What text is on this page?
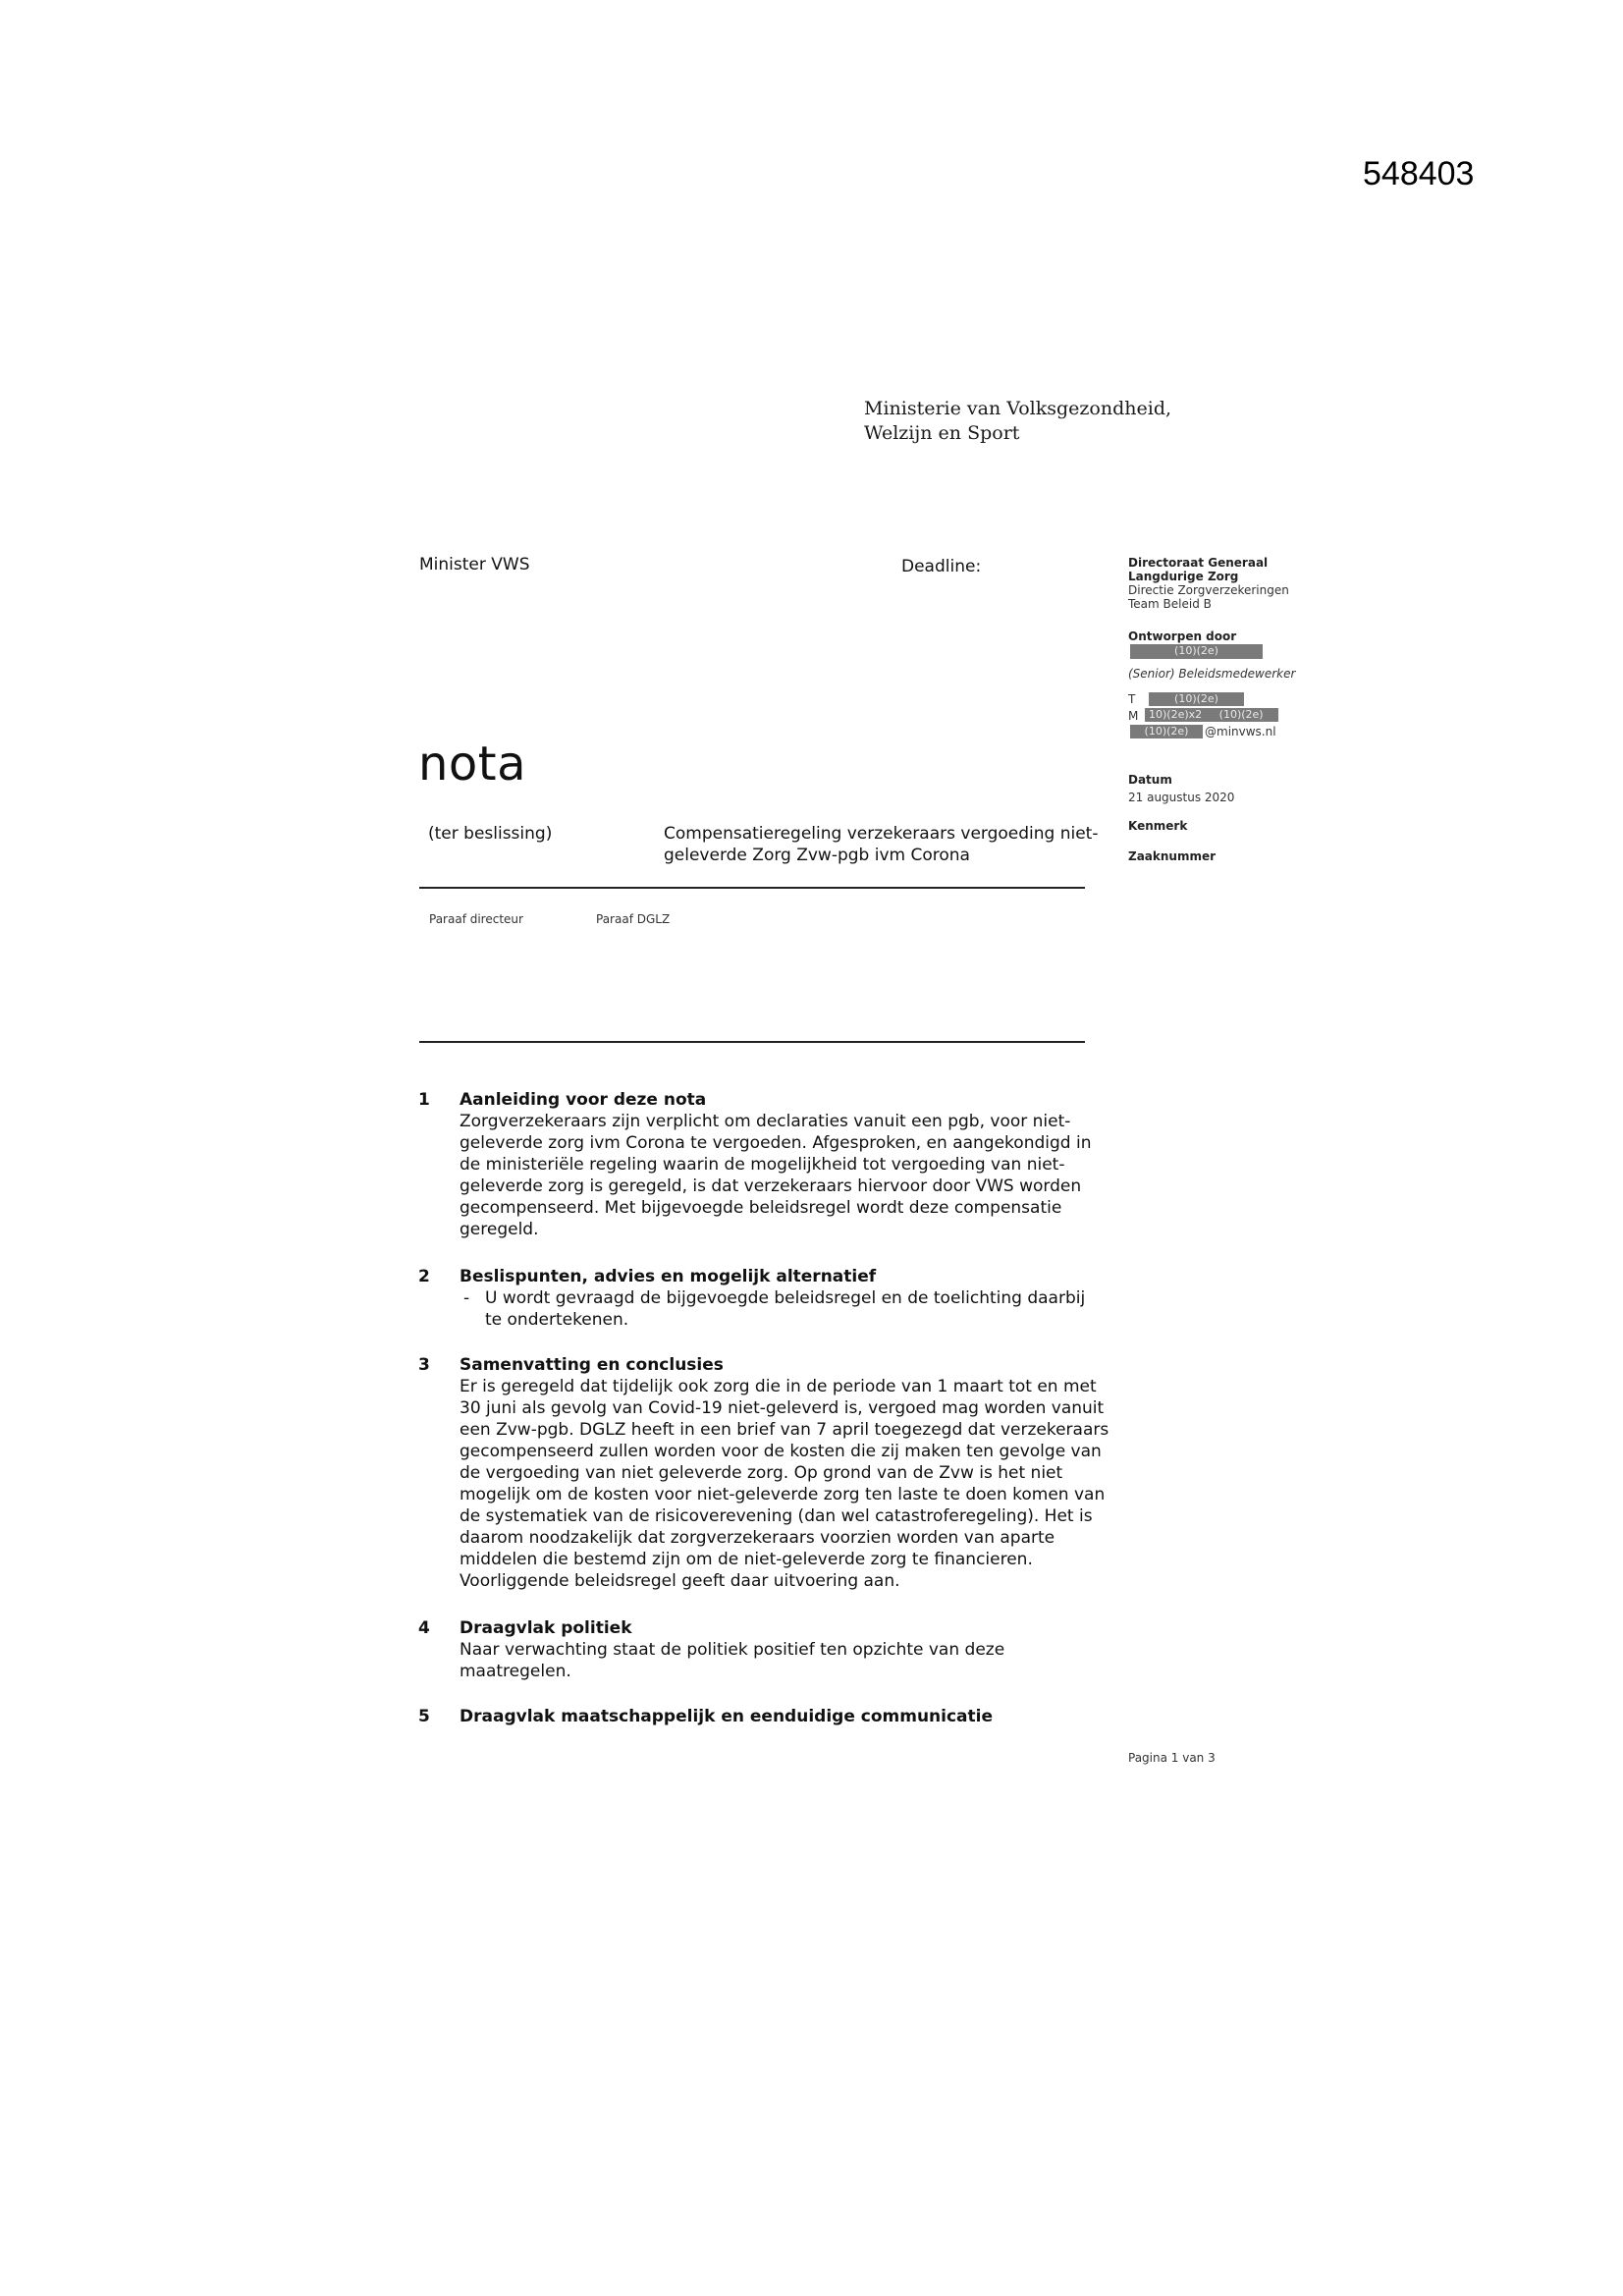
548403
Ministerie van Volksgezondheid,
Welzijn en Sport
Minister VWS	Deadline:
nota
(ter beslissing)	Compensatieregeling verzekeraars vergoeding niet-geleverde Zorg Zvw-pgb ivm Corona
Paraaf directeur	Paraaf DGLZ
Directoraat Generaal
Langdurige Zorg
Directie Zorgverzekeringen
Team Beleid B
Ontworpen door
(10)(2e)
(Senior) Beleidsmedewerker
T	(10)(2e)
M 10)(2e)x2 (10)(2e)
(10)(2e)	@minvws.nl
Datum
21 augustus 2020
Kenmerk
Zaaknummer
1 Aanleiding voor deze nota
Zorgverzekeraars zijn verplicht om declaraties vanuit een pgb, voor niet-geleverde zorg ivm Corona te vergoeden. Afgesproken, en aangekondigd in de ministeriële regeling waarin de mogelijkheid tot vergoeding van niet-geleverde zorg is geregeld, is dat verzekeraars hiervoor door VWS worden gecompenseerd. Met bijgevoegde beleidsregel wordt deze compensatie geregeld.
2 Beslispunten, advies en mogelijk alternatief
- U wordt gevraagd de bijgevoegde beleidsregel en de toelichting daarbij te ondertekenen.
3 Samenvatting en conclusies
Er is geregeld dat tijdelijk ook zorg die in de periode van 1 maart tot en met 30 juni als gevolg van Covid-19 niet-geleverd is, vergoed mag worden vanuit een Zvw-pgb. DGLZ heeft in een brief van 7 april toegezegd dat verzekeraars gecompenseerd zullen worden voor de kosten die zij maken ten gevolge van de vergoeding van niet geleverde zorg. Op grond van de Zvw is het niet mogelijk om de kosten voor niet-geleverde zorg ten laste te doen komen van de systematiek van de risicoverevening (dan wel catastroferegeling). Het is daarom noodzakelijk dat zorgverzekeraars voorzien worden van aparte middelen die bestemd zijn om de niet-geleverde zorg te financieren. Voorliggende beleidsregel geeft daar uitvoering aan.
4 Draagvlak politiek
Naar verwachting staat de politiek positief ten opzichte van deze maatregelen.
5 Draagvlak maatschappelijk en eenduidige communicatie
Pagina 1 van 3
